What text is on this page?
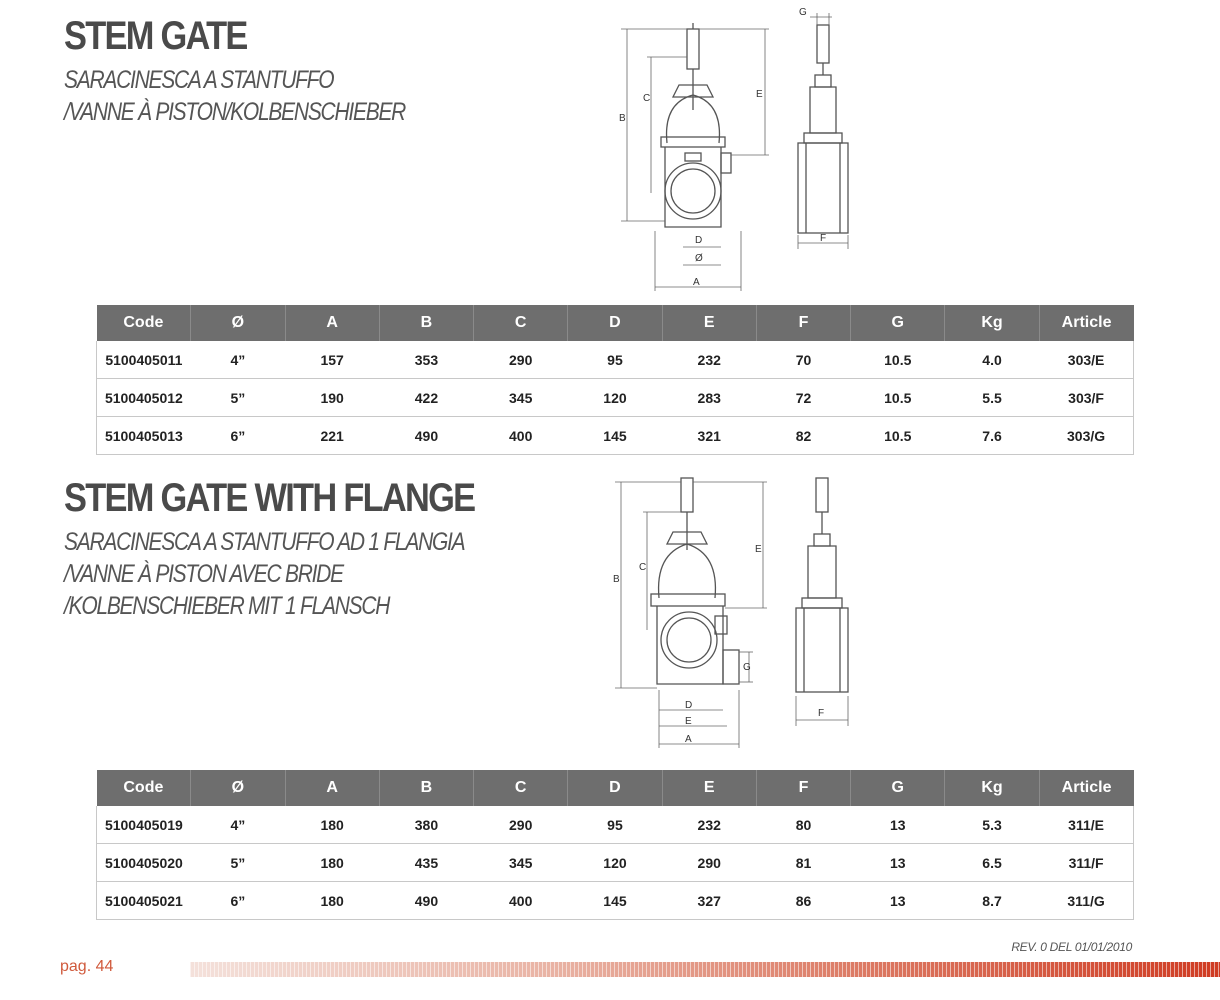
STEM GATE
SARACINESCA A STANTUFFO
/VANNE À PISTON/KOLBENSCHIEBER	B
C	E
D
Ø
A
G
F
Code	Ø	A	B	C	D	E	F	G	Kg	Article
5100405011	4”	157	353	290	95	232	70	10.5	4.0	303/E
5100405012	5”	190	422	345	120	283	72	10.5	5.5	303/F
5100405013	6”	221	490	400	145	321	82	10.5	7.6	303/G
STEM GATE WITH FLANGE
SARACINESCA A STANTUFFO AD 1 FLANGIA
/VANNE À PISTON AVEC BRIDE
/KOLBENSCHIEBER MIT 1 FLANSCH
B
C
E
G
D
E
A
F
Code	Ø	A	B	C	D	E	F	G	Kg	Article
5100405019	4”	180	380	290	95	232	80	13	5.3	311/E
5100405020	5”	180	435	345	120	290	81	13	6.5	311/F
5100405021	6”	180	490	400	145	327	86	13	8.7	311/G
REV. 0 DEL 01/01/2010
pag. 44
